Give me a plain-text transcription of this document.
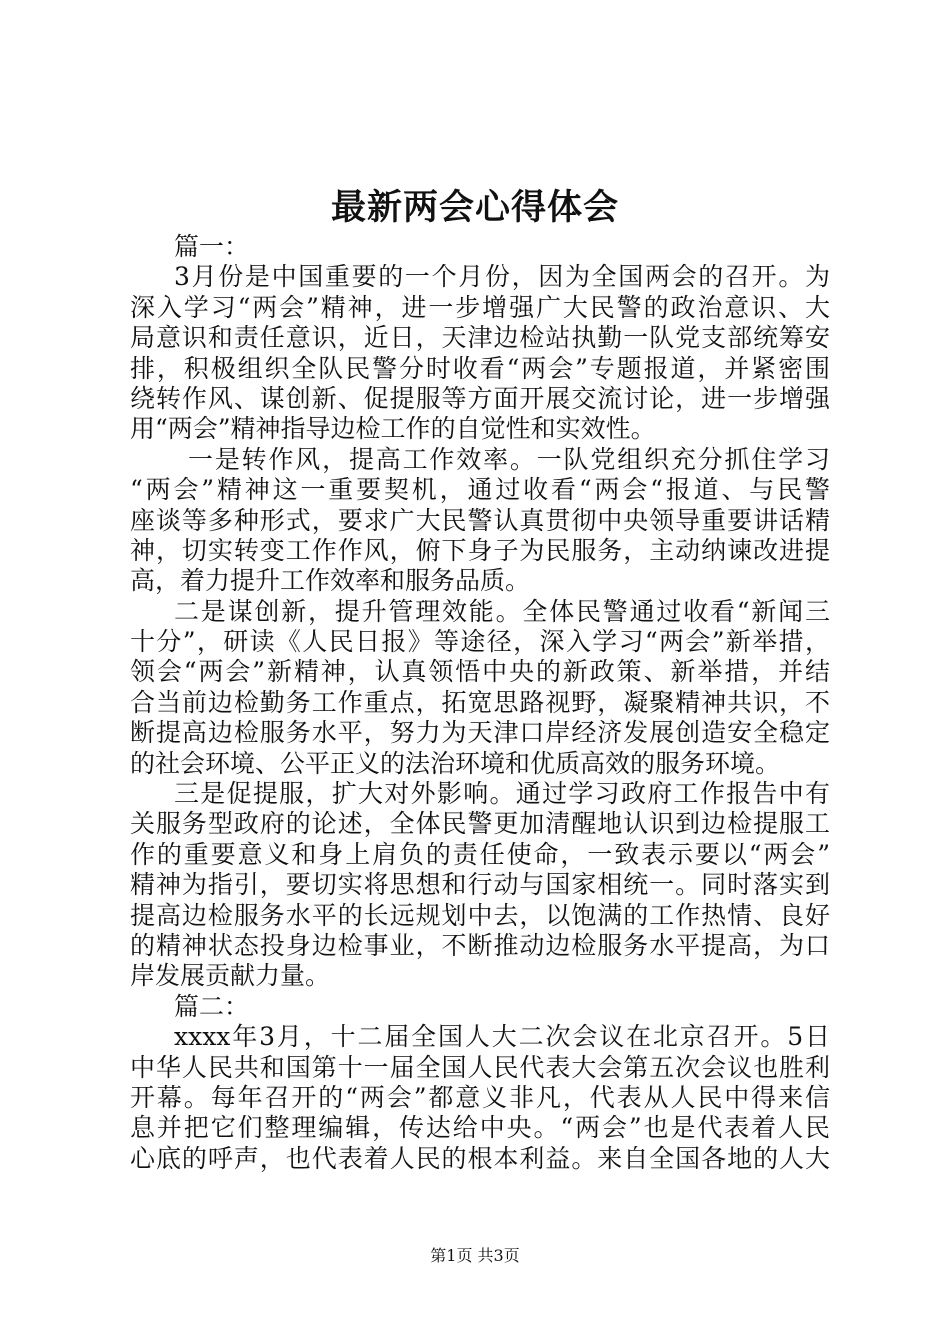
最新两会心得体会
篇一：
3月份是中国重要的一个月份，因为全国两会的召开。为
深入学习“两会”精神，进一步增强广大民警的政治意识、大
局意识和责任意识，近日，天津边检站执勤一队党支部统筹安
排，积极组织全队民警分时收看“两会”专题报道，并紧密围
绕转作风、谋创新、促提服等方面开展交流讨论，进一步增强
用“两会”精神指导边检工作的自觉性和实效性。
一是转作风，提高工作效率。一队党组织充分抓住学习
“两会”精神这一重要契机，通过收看“两会“报道、与民警
座谈等多种形式，要求广大民警认真贯彻中央领导重要讲话精
神，切实转变工作作风，俯下身子为民服务，主动纳谏改进提
高，着力提升工作效率和服务品质。
二是谋创新，提升管理效能。全体民警通过收看“新闻三
十分”，研读《人民日报》等途径，深入学习“两会”新举措，
领会“两会”新精神，认真领悟中央的新政策、新举措，并结
合当前边检勤务工作重点，拓宽思路视野，凝聚精神共识，不
断提高边检服务水平，努力为天津口岸经济发展创造安全稳定
的社会环境、公平正义的法治环境和优质高效的服务环境。
三是促提服，扩大对外影响。通过学习政府工作报告中有
关服务型政府的论述，全体民警更加清醒地认识到边检提服工
作的重要意义和身上肩负的责任使命，一致表示要以“两会”
精神为指引，要切实将思想和行动与国家相统一。同时落实到
提高边检服务水平的长远规划中去，以饱满的工作热情、良好
的精神状态投身边检事业，不断推动边检服务水平提高，为口
岸发展贡献力量。
篇二：
xxxx年3月，十二届全国人大二次会议在北京召开。5日
中华人民共和国第十一届全国人民代表大会第五次会议也胜利
开幕。每年召开的“两会”都意义非凡，代表从人民中得来信
息并把它们整理编辑，传达给中央。“两会”也是代表着人民
心底的呼声，也代表着人民的根本利益。来自全国各地的人大
第1页 共3页
